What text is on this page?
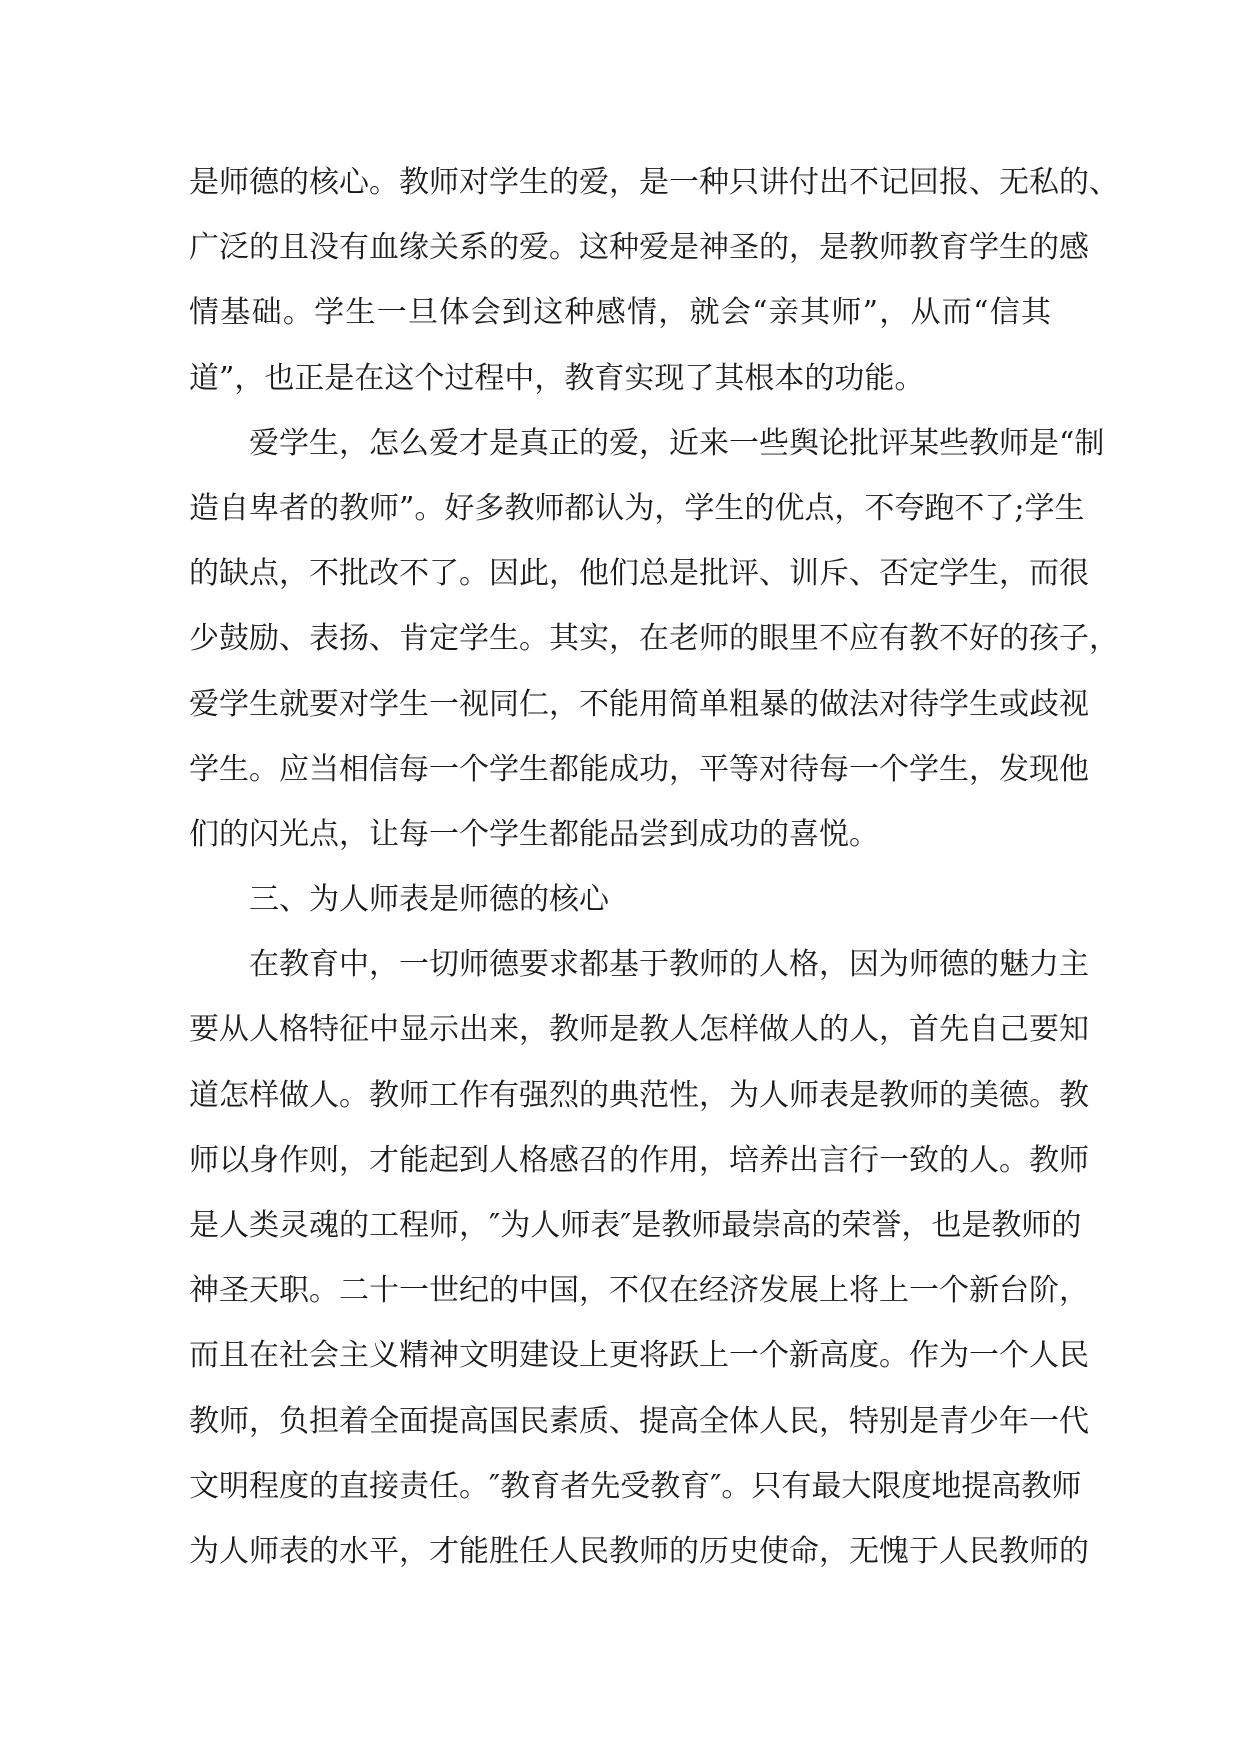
是师德的核心。教师对学生的爱，是一种只讲付出不记回报、无私的、
广泛的且没有血缘关系的爱。这种爱是神圣的，是教师教育学生的感
情基础。学生一旦体会到这种感情，就会“亲其师”，从而“信其
道”，也正是在这个过程中，教育实现了其根本的功能。
爱学生，怎么爱才是真正的爱，近来一些舆论批评某些教师是“制
造自卑者的教师”。好多教师都认为，学生的优点，不夸跑不了;学生
的缺点，不批改不了。因此，他们总是批评、训斥、否定学生，而很
少鼓励、表扬、肯定学生。其实，在老师的眼里不应有教不好的孩子，
爱学生就要对学生一视同仁，不能用简单粗暴的做法对待学生或歧视
学生。应当相信每一个学生都能成功，平等对待每一个学生，发现他
们的闪光点，让每一个学生都能品尝到成功的喜悦。
三、为人师表是师德的核心
在教育中，一切师德要求都基于教师的人格，因为师德的魅力主
要从人格特征中显示出来，教师是教人怎样做人的人，首先自己要知
道怎样做人。教师工作有强烈的典范性，为人师表是教师的美德。教
师以身作则，才能起到人格感召的作用，培养出言行一致的人。教师
是人类灵魂的工程师，″为人师表″是教师最崇高的荣誉，也是教师的
神圣天职。二十一世纪的中国，不仅在经济发展上将上一个新台阶，
而且在社会主义精神文明建设上更将跃上一个新高度。作为一个人民
教师，负担着全面提高国民素质、提高全体人民，特别是青少年一代
文明程度的直接责任。″教育者先受教育″。只有最大限度地提高教师
为人师表的水平，才能胜任人民教师的历史使命，无愧于人民教师的
